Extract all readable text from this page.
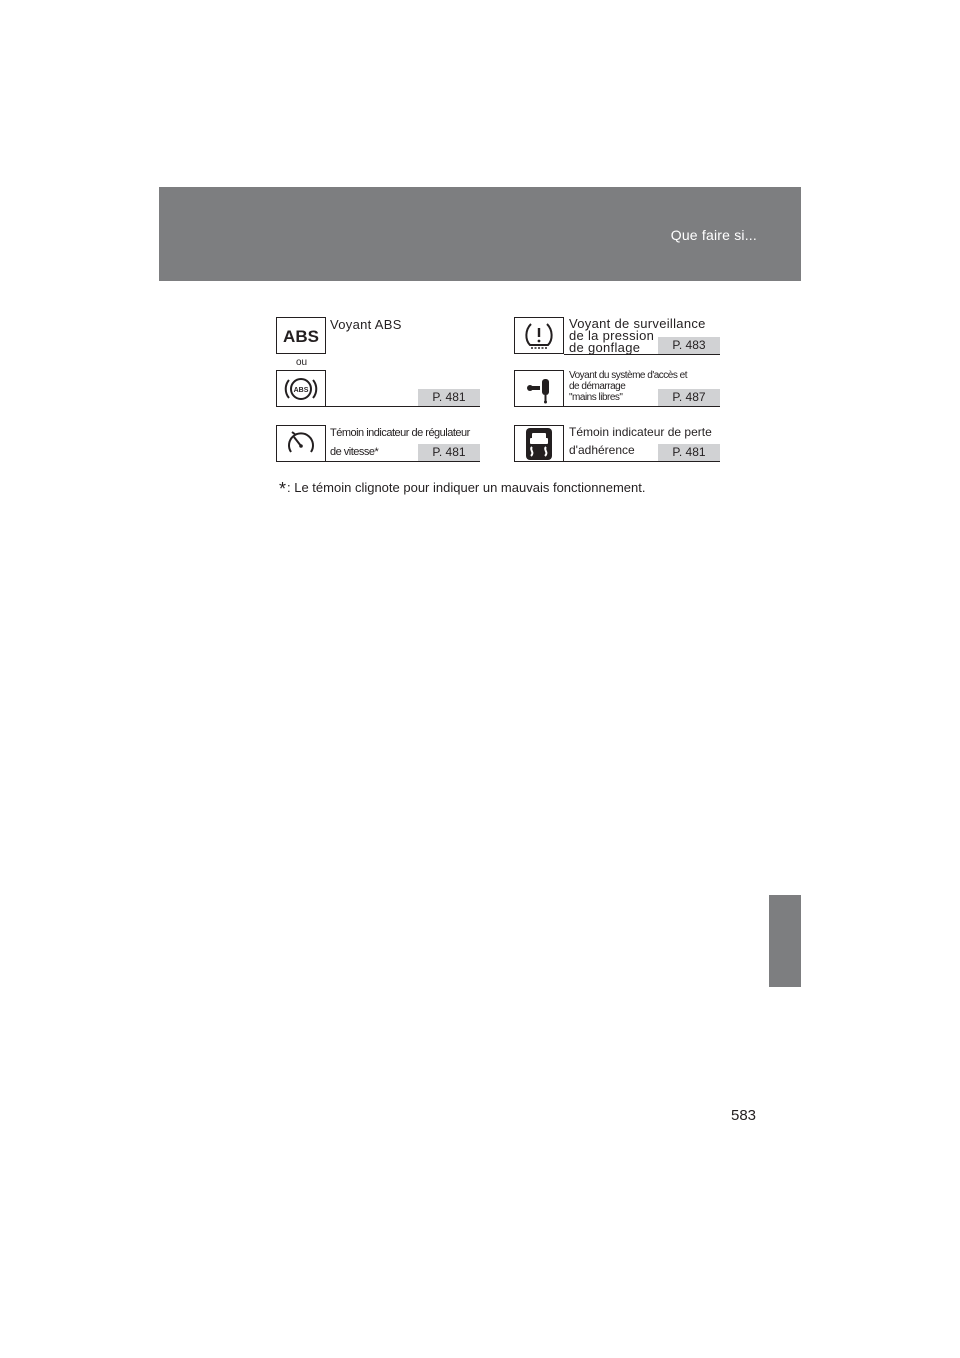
Que faire si...
ABS
Voyant ABS
ou
ABS	P. 481
Témoin indicateur de régulateur
de vitesse*	P. 481
Voyant de surveillance
de la pression
de gonflage	P. 483
Voyant du système d'accès et
de démarrage
"mains libres"	P. 487
Témoin indicateur de perte
d'adhérence	P. 481
*: Le témoin clignote pour indiquer un mauvais fonctionnement.
583
